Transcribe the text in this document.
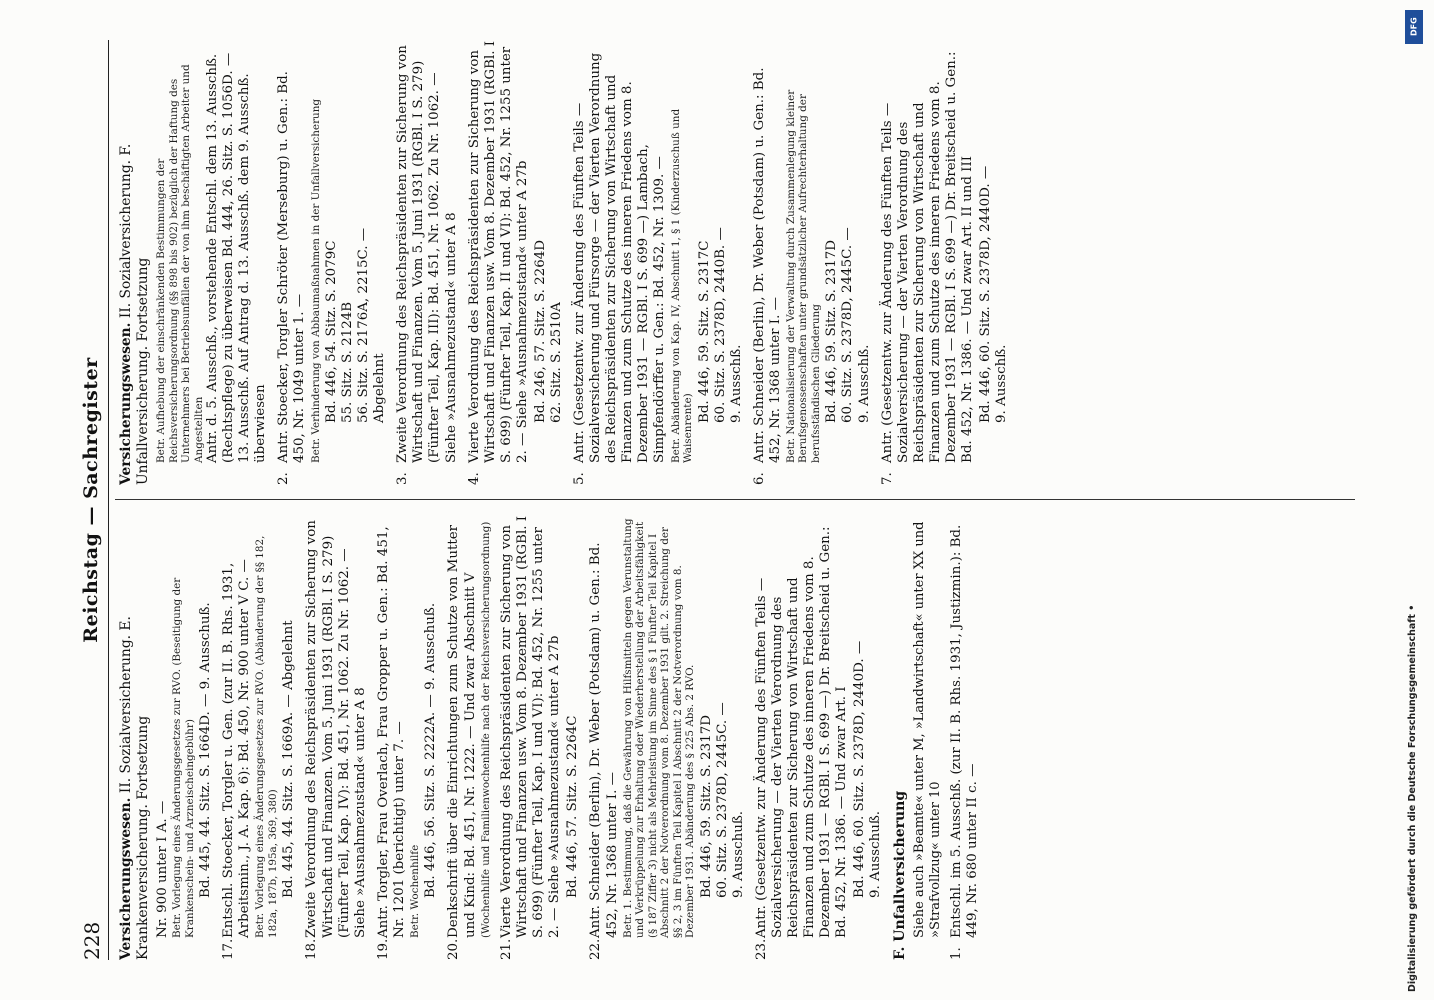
228
Reichstag — Sachregister
Versicherungswesen. II. Sozialversicherung. E. Krankenversicherung. Fortsetzung Nr. 900 unter I A. — Betr. Vorlegung eines Änderungsgesetzes zur RVO. (Beseitigung der Krankenschein- und Arzneischeingebühr) Bd. 445, 44. Sitz. S. 1664D. — 9. Ausschuß.
17.
Entschl. Stoecker, Torgler u. Gen. (zur II. B. Rhs. 1931, Arbeitsmin., J. A. Kap. 6): Bd. 450, Nr. 900 unter V C. — Betr. Vorlegung eines Änderungsgesetzes zur RVO. (Abänderung der §§ 182, 182a, 187b, 195a, 369, 380) Bd. 445, 44. Sitz. S. 1669A. — Abgelehnt
18.
Zweite Verordnung des Reichspräsidenten zur Sicherung von Wirtschaft und Finanzen. Vom 5. Juni 1931 (RGBl. I S. 279) (Fünfter Teil, Kap. IV): Bd. 451, Nr. 1062. Zu Nr. 1062. — Siehe »Ausnahmezustand« unter A 8
19.
Antr. Torgler, Frau Overlach, Frau Gropper u. Gen.: Bd. 451, Nr. 1201 (berichtigt) unter 7. — Betr. Wochenhilfe Bd. 446, 56. Sitz. S. 2222A. — 9. Ausschuß.
20.
Denkschrift über die Einrichtungen zum Schutze von Mutter und Kind: Bd. 451, Nr. 1222. — Und zwar Abschnitt V (Wochenhilfe und Familienwochenhilfe nach der Reichsversicherungsordnung)
21.
Vierte Verordnung des Reichspräsidenten zur Sicherung von Wirtschaft und Finanzen usw. Vom 8. Dezember 1931 (RGBl. I S. 699) (Fünfter Teil, Kap. I und VI): Bd. 452, Nr. 1255 unter 2. — Siehe »Ausnahmezustand« unter A 27b Bd. 446, 57. Sitz. S. 2264C
22.
Antr. Schneider (Berlin), Dr. Weber (Potsdam) u. Gen.: Bd. 452, Nr. 1368 unter I. — Betr. 1. Bestimmung, daß die Gewährung von Hilfsmitteln gegen Verunstaltung und Verkrüppelung zur Erhaltung oder Wiederherstellung der Arbeitsfähigkeit (§ 187 Ziffer 3) nicht als Mehrleistung im Sinne des § 1 Fünfter Teil Kapitel I Abschnitt 2 der Notverordnung vom 8. Dezember 1931 gilt. 2. Streichung der §§ 2, 3 im Fünften Teil Kapitel I Abschnitt 2 der Notverordnung vom 8. Dezember 1931. Abänderung des § 225 Abs. 2 RVO. Bd. 446, 59. Sitz. S. 2317D 60. Sitz. S. 2378D, 2445C. — 9. Ausschuß.
23.
Antr. (Gesetzentw. zur Änderung des Fünften Teils — Sozialversicherung — der Vierten Verordnung des Reichspräsidenten zur Sicherung von Wirtschaft und Finanzen und zum Schutze des inneren Friedens vom 8. Dezember 1931 — RGBl. I S. 699 —) Dr. Breitscheid u. Gen.: Bd. 452, Nr. 1386. — Und zwar Art. I Bd. 446, 60. Sitz. S. 2378D, 2440D. — 9. Ausschuß. F. Unfallversicherung Siehe auch »Beamte« unter M, »Landwirtschaft« unter XX und »Strafvollzug« unter 10
1.
Entschl. im 5. Ausschß. (zur II. B. Rhs. 1931, Justizmin.): Bd. 449, Nr. 680 unter II c. —
Versicherungswesen. II. Sozialversicherung. F. Unfallversicherung. Fortsetzung Betr. Aufhebung der einschränkenden Bestimmungen der Reichsversicherungsordnung (§§ 898 bis 902) bezüglich der Haftung des Unternehmers bei Betriebsunfällen der von ihm beschäftigten Arbeiter und Angestellten Antr. d. 5. Ausschß., vorstehende Entschl. dem 13. Ausschß. (Rechtspflege) zu überweisen Bd. 444, 26. Sitz. S. 1056D. — 13. Ausschß. Auf Antrag d. 13. Ausschß. dem 9. Ausschß. überwiesen
2.
Antr. Stoecker, Torgler Schröter (Merseburg) u. Gen.: Bd. 450, Nr. 1049 unter 1. — Betr. Verhinderung von Abbaumaßnahmen in der Unfallversicherung Bd. 446, 54. Sitz. S. 2079C 55. Sitz. S. 2124B 56. Sitz. S. 2176A, 2215C. — Abgelehnt
3.
Zweite Verordnung des Reichspräsidenten zur Sicherung von Wirtschaft und Finanzen. Vom 5. Juni 1931 (RGBl. I S. 279) (Fünfter Teil, Kap. III): Bd. 451, Nr. 1062. Zu Nr. 1062. — Siehe »Ausnahmezustand« unter A 8
4.
Vierte Verordnung des Reichspräsidenten zur Sicherung von Wirtschaft und Finanzen usw. Vom 8. Dezember 1931 (RGBl. I S. 699) (Fünfter Teil, Kap. II und VI): Bd. 452, Nr. 1255 unter 2. — Siehe »Ausnahmezustand« unter A 27b Bd. 246, 57. Sitz. S. 2264D 62. Sitz. S. 2510A
5.
Antr. (Gesetzentw. zur Änderung des Fünften Teils — Sozialversicherung und Fürsorge — der Vierten Verordnung des Reichspräsidenten zur Sicherung von Wirtschaft und Finanzen und zum Schutze des inneren Friedens vom 8. Dezember 1931 — RGBl. I S. 699 —) Lambach, Simpfendörffer u. Gen.: Bd. 452, Nr. 1309. — Betr. Abänderung von Kap. IV, Abschnitt 1, § 1 (Kinderzuschuß und Waisenrente)
Bd. 446, 59. Sitz. S. 2317C 60. Sitz. S. 2378D, 2440B. — 9. Ausschß.
6.
Antr. Schneider (Berlin), Dr. Weber (Potsdam) u. Gen.: Bd. 452, Nr. 1368 unter I. — Betr. Nationalisierung der Verwaltung durch Zusammenlegung kleiner Berufsgenossenschaften unter grundsätzlicher Aufrechterhaltung der berufsständischen Gliederung Bd. 446, 59. Sitz. S. 2317D 60. Sitz. S. 2378D, 2445C. — 9. Ausschß.
7.
Antr. (Gesetzentw. zur Änderung des Fünften Teils — Sozialversicherung — der Vierten Verordnung des Reichspräsidenten zur Sicherung von Wirtschaft und Finanzen und zum Schutze des inneren Friedens vom 8. Dezember 1931 — RGBl. I S. 699 —) Dr. Breitscheid u. Gen.: Bd. 452, Nr. 1386. — Und zwar Art. II und III Bd. 446, 60. Sitz. S. 2378D, 2440D. — 9. Ausschß.
DFG
Digitalisierung gefördert durch die Deutsche Forschungsgemeinschaft •
